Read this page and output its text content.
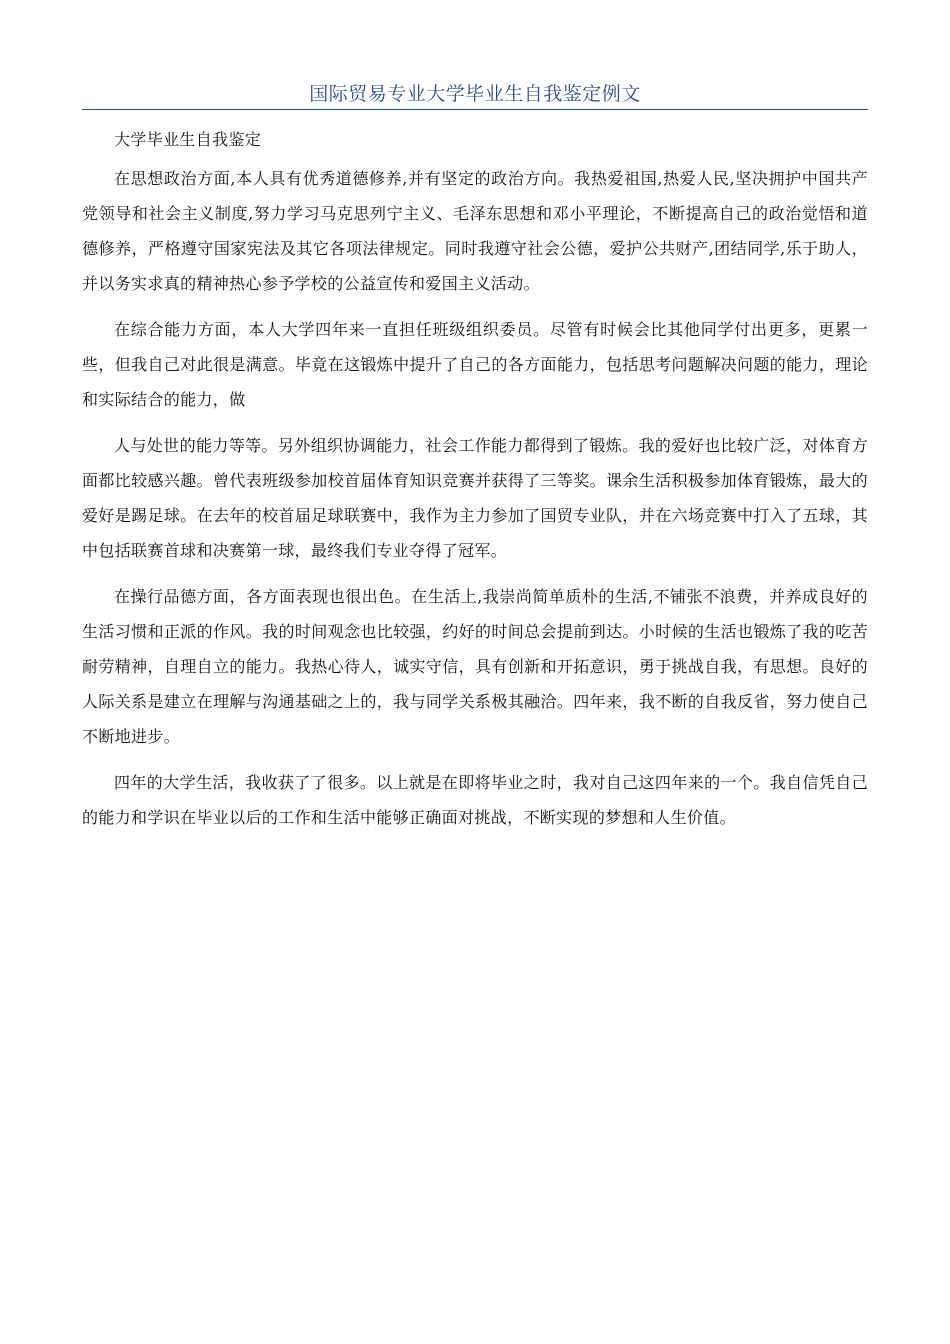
国际贸易专业大学毕业生自我鉴定例文

大学毕业生自我鉴定

在思想政治方面,本人具有优秀道德修养,并有坚定的政治方向。我热爱祖国,热爱人民,坚决拥护中国共产党领导和社会主义制度,努力学习马克思列宁主义、毛泽东思想和邓小平理论，不断提高自己的政治觉悟和道德修养，严格遵守国家宪法及其它各项法律规定。同时我遵守社会公德，爱护公共财产,团结同学,乐于助人，并以务实求真的精神热心参予学校的公益宣传和爱国主义活动。

在综合能力方面，本人大学四年来一直担任班级组织委员。尽管有时候会比其他同学付出更多，更累一些，但我自己对此很是满意。毕竟在这锻炼中提升了自己的各方面能力，包括思考问题解决问题的能力，理论和实际结合的能力，做

人与处世的能力等等。另外组织协调能力，社会工作能力都得到了锻炼。我的爱好也比较广泛，对体育方面都比较感兴趣。曾代表班级参加校首届体育知识竞赛并获得了三等奖。课余生活积极参加体育锻炼，最大的爱好是踢足球。在去年的校首届足球联赛中，我作为主力参加了国贸专业队，并在六场竞赛中打入了五球，其中包括联赛首球和决赛第一球，最终我们专业夺得了冠军。

在操行品德方面，各方面表现也很出色。在生活上,我崇尚简单质朴的生活,不铺张不浪费，并养成良好的生活习惯和正派的作风。我的时间观念也比较强，约好的时间总会提前到达。小时候的生活也锻炼了我的吃苦耐劳精神，自理自立的能力。我热心待人，诚实守信，具有创新和开拓意识，勇于挑战自我，有思想。良好的人际关系是建立在理解与沟通基础之上的，我与同学关系极其融洽。四年来，我不断的自我反省，努力使自己不断地进步。

四年的大学生活，我收获了了很多。以上就是在即将毕业之时，我对自己这四年来的一个。我自信凭自己的能力和学识在毕业以后的工作和生活中能够正确面对挑战，不断实现的梦想和人生价值。
